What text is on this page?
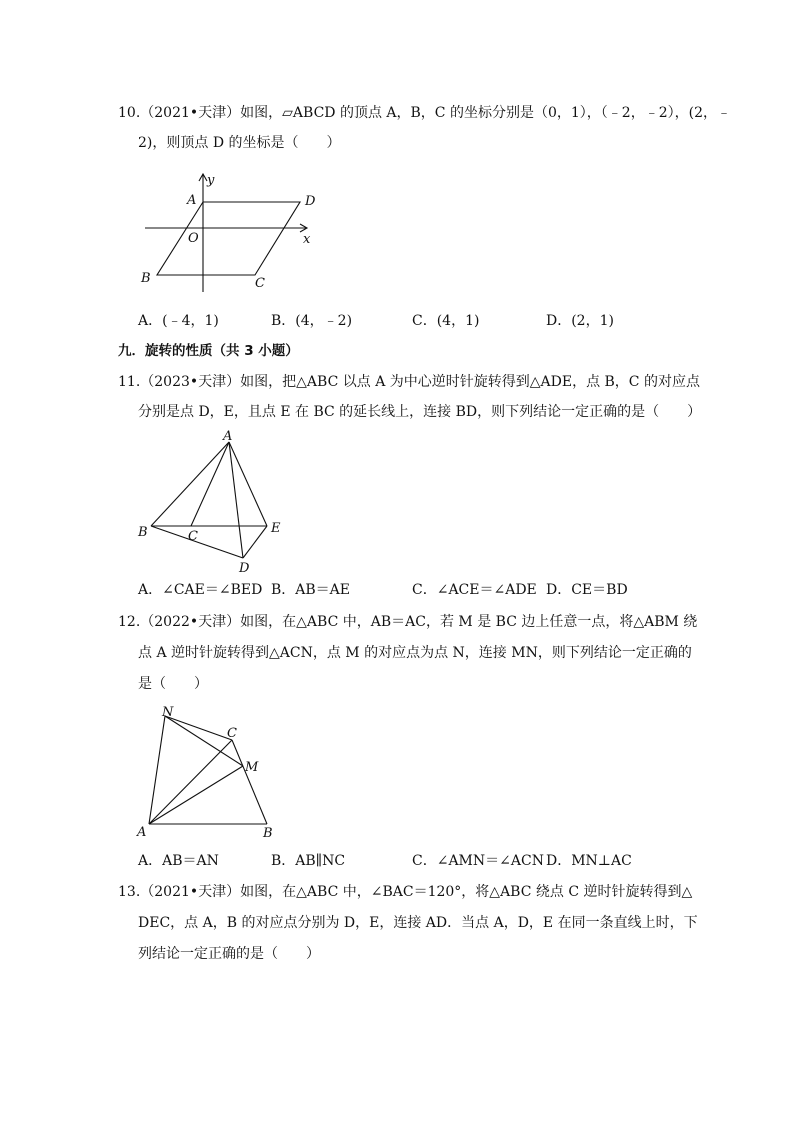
10.（2021•天津）如图，▱ABCD 的顶点 A，B，C 的坐标分别是（0，1），（﹣2，﹣2），(2，﹣
2)，则顶点 D 的坐标是（　　）
A	D
O	x
y
B	C
A．(﹣4，1)	B．(4，﹣2)	C．(4，1)	D．(2，1)
九．旋转的性质（共 3 小题）
11.（2023•天津）如图，把△ABC 以点 A 为中心逆时针旋转得到△ADE，点 B，C 的对应点
分别是点 D，E，且点 E 在 BC 的延长线上，连接 BD，则下列结论一定正确的是（　　）
A
B	C
E
D
A．∠CAE＝∠BED B．AB＝AE	C．∠ACE＝∠ADE D．CE＝BD
12.（2022•天津）如图，在△ABC 中，AB＝AC，若 M 是 BC 边上任意一点，将△ABM 绕
点 A 逆时针旋转得到△ACN，点 M 的对应点为点 N，连接 MN，则下列结论一定正确的
是（　　）
N
C
M
A	B
A．AB＝AN	B．AB∥NC	C．∠AMN＝∠ACN D．MN⊥AC
13.（2021•天津）如图，在△ABC 中，∠BAC＝120°，将△ABC 绕点 C 逆时针旋转得到△
DEC，点 A，B 的对应点分别为 D，E，连接 AD．当点 A，D，E 在同一条直线上时，下
列结论一定正确的是（　　）
